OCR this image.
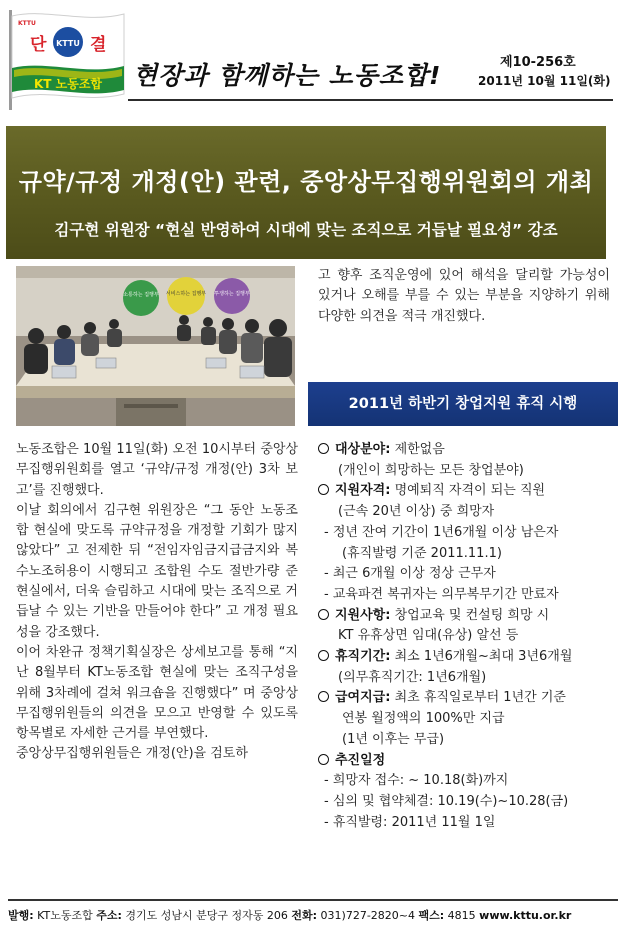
KTTU
단	결
KT 노동조합
KTTU
현장과 함께하는 노동조합!	제10-256호
2011년 10월 11일(화)
규약/규정 개정(안) 관련, 중앙상무집행위원회의 개최
김구현 위원장 “현실 반영하여 시대에 맞는 조직으로 거듭날 필요성” 강조
소통하는 집행부 서비스하는 집행부 투쟁하는 집행부

노동조합은 10월 11일(화) 오전 10시부터 중앙상무집행위원회를 열고 ‘규약/규정 개정(안) 3차 보고’를 진행했다.

이날 회의에서 김구현 위원장은 “그 동안 노동조합 현실에 맞도록 규약규정을 개정할 기회가 많지 않았다” 고 전제한 뒤 “전임자임금지급금지와 복수노조허용이 시행되고 조합원 수도 절반가량 준 현실에서, 더욱 슬림하고 시대에 맞는 조직으로 거듭날 수 있는 기반을 만들어야 한다” 고 개정 필요성을 강조했다.

이어 차완규 정책기획실장은 상세보고를 통해 “지난 8월부터 KT노동조합 현실에 맞는 조직구성을 위해 3차례에 걸쳐 워크숍을 진행했다” 며 중앙상무집행위원들의 의견을 모으고 반영할 수 있도록 항목별로 자세한 근거를 부연했다.

중앙상무집행위원들은 개정(안)을 검토하

고 향후 조직운영에 있어 해석을 달리할 가능성이 있거나 오해를 부를 수 있는 부분을 지양하기 위해 다양한 의견을 적극 개진했다.
2011년 하반기 창업지원 휴직 시행
대상분야: 제한없음
(개인이 희망하는 모든 창업분야)
지원자격: 명예퇴직 자격이 되는 직원
(근속 20년 이상) 중 희망자
- 정년 잔여 기간이 1년6개월 이상 남은자
(휴직발령 기준 2011.11.1)
- 최근 6개월 이상 정상 근무자
- 교육파견 복귀자는 의무복무기간 만료자
지원사항: 창업교육 및 컨설팅 희망 시
KT 유휴상면 임대(유상) 알선 등
휴직기간: 최소 1년6개월~최대 3년6개월
(의무휴직기간: 1년6개월)
급여지급: 최초 휴직일로부터 1년간 기준
연봉 월정액의 100%만 지급
(1년 이후는 무급)
추진일정
- 희망자 접수: ~ 10.18(화)까지
- 심의 및 협약체결: 10.19(수)~10.28(금)
- 휴직발령: 2011년 11월 1일
발행: KT노동조합 주소: 경기도 성남시 분당구 정자동 206 전화: 031)727-2820~4 팩스: 4815 www.kttu.or.kr
